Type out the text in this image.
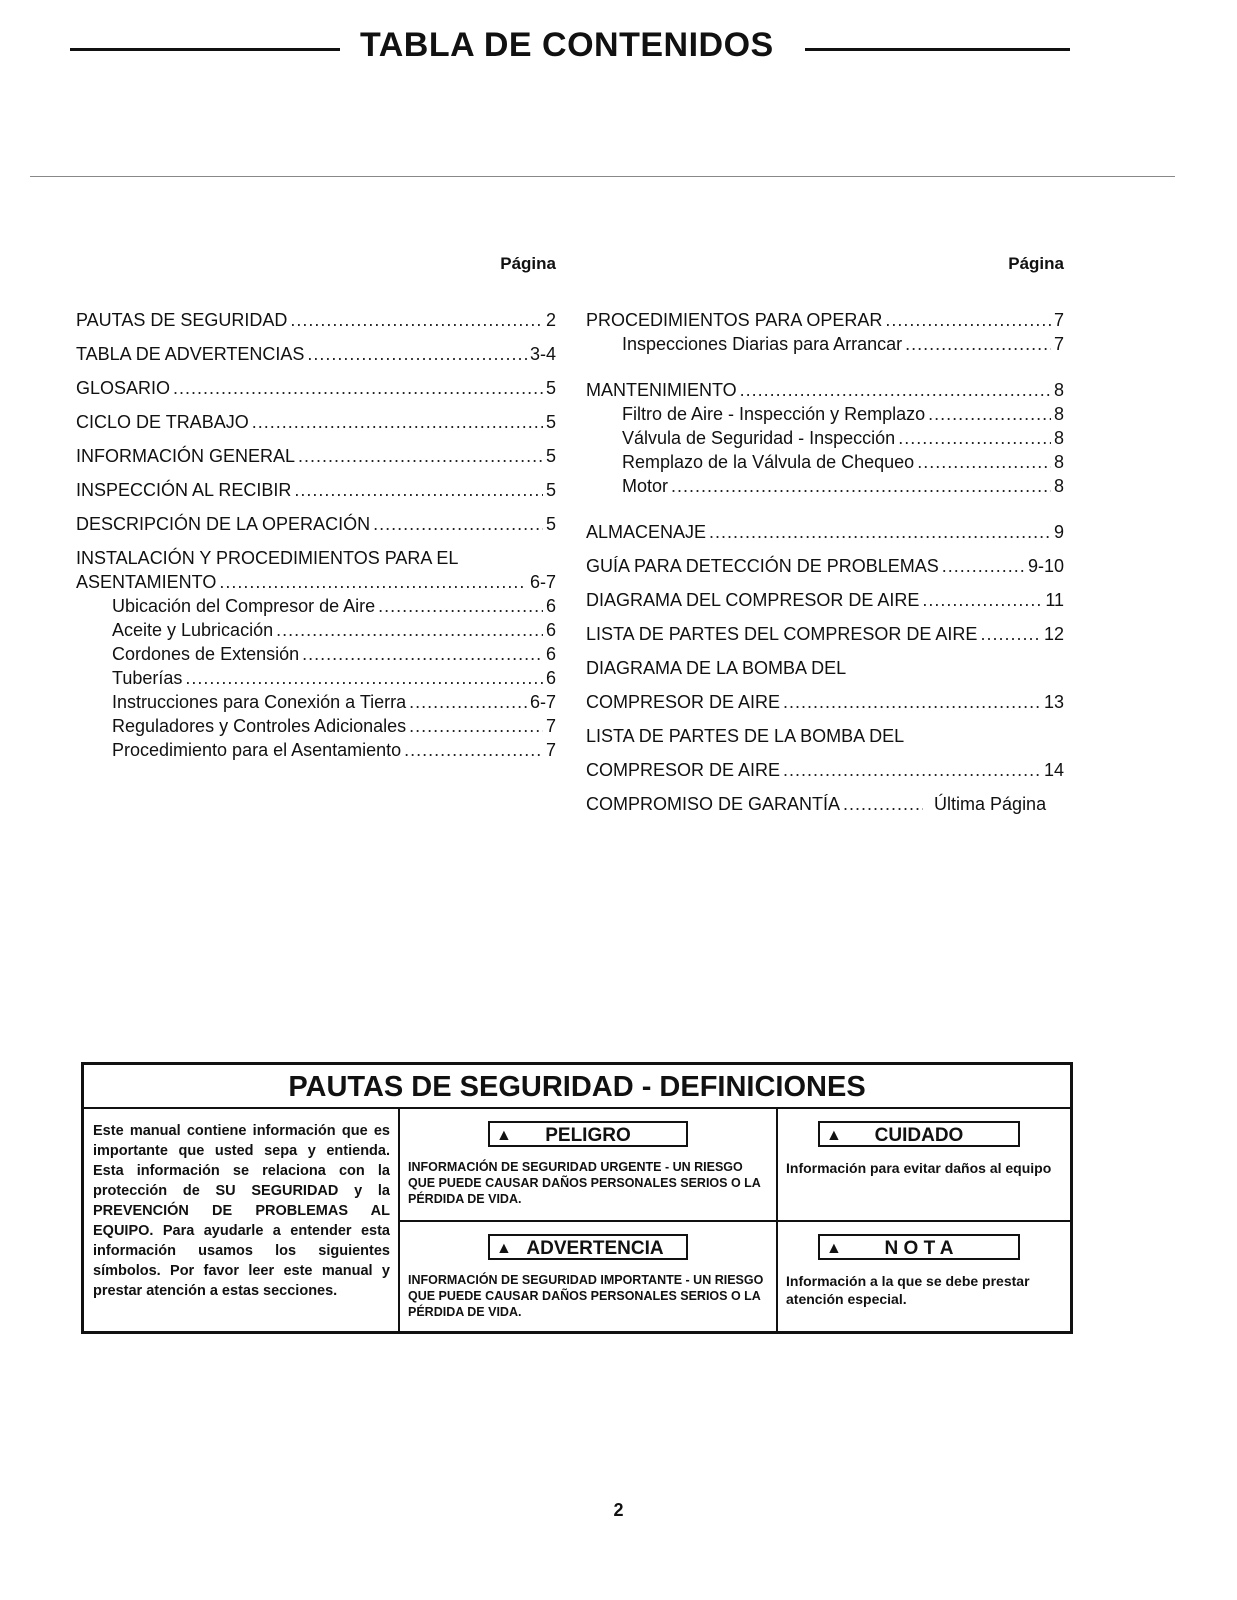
TABLA DE CONTENIDOS
Página
PAUTAS DE SEGURIDAD .....	2
TABLA DE ADVERTENCIAS .....	3-4
GLOSARIO .....	5
CICLO DE TRABAJO .....	5
INFORMACIÓN GENERAL .....	5
INSPECCIÓN AL RECIBIR .....	5
DESCRIPCIÓN DE LA OPERACIÓN .....	5
INSTALACIÓN Y PROCEDIMIENTOS PARA EL
ASENTAMIENTO .....	6-7
Ubicación del Compresor de Aire .....	6
Aceite y Lubricación .....	6
Cordones de Extensión .....	6
Tuberías .....	6
Instrucciones para Conexión a Tierra .....	6-7
Reguladores y Controles Adicionales .....	7
Procedimiento para el Asentamiento .....	7
Página
PROCEDIMIENTOS PARA OPERAR .....	7
Inspecciones Diarias para Arrancar .....	7
MANTENIMIENTO .....	8
Filtro de Aire - Inspección y Remplazo .....	8
Válvula de Seguridad - Inspección .....	8
Remplazo de la Válvula de Chequeo .....	8
Motor .....	8
ALMACENAJE .....	9
GUÍA PARA DETECCIÓN DE PROBLEMAS .....	9-10
DIAGRAMA DEL COMPRESOR DE AIRE .....	11
LISTA DE PARTES DEL COMPRESOR DE AIRE .....	12
DIAGRAMA DE LA BOMBA DEL
COMPRESOR DE AIRE .....	13
LISTA DE PARTES DE LA BOMBA DEL
COMPRESOR DE AIRE .....	14
COMPROMISO DE GARANTÍA .....	Última Página
PAUTAS DE SEGURIDAD - DEFINICIONES
Este manual contiene información que es importante que usted sepa y entienda. Esta información se relaciona con la protección de SU SEGURIDAD y la PREVENCIÓN DE PROBLEMAS AL EQUIPO. Para ayudarle a entender esta información usamos los siguientes símbolos. Por favor leer este manual y prestar atención a estas secciones.
▲ PELIGRO
INFORMACIÓN DE SEGURIDAD URGENTE - UN RIESGO QUE PUEDE CAUSAR DAÑOS PERSONALES SERIOS O LA PÉRDIDA DE VIDA.
▲ CUIDADO
Información para evitar daños al equipo
▲ ADVERTENCIA
INFORMACIÓN DE SEGURIDAD IMPORTANTE - UN RIESGO QUE PUEDE CAUSAR DAÑOS PERSONALES SERIOS O LA PÉRDIDA DE VIDA.
▲ N O T A
Información a la que se debe prestar atención especial.
2
